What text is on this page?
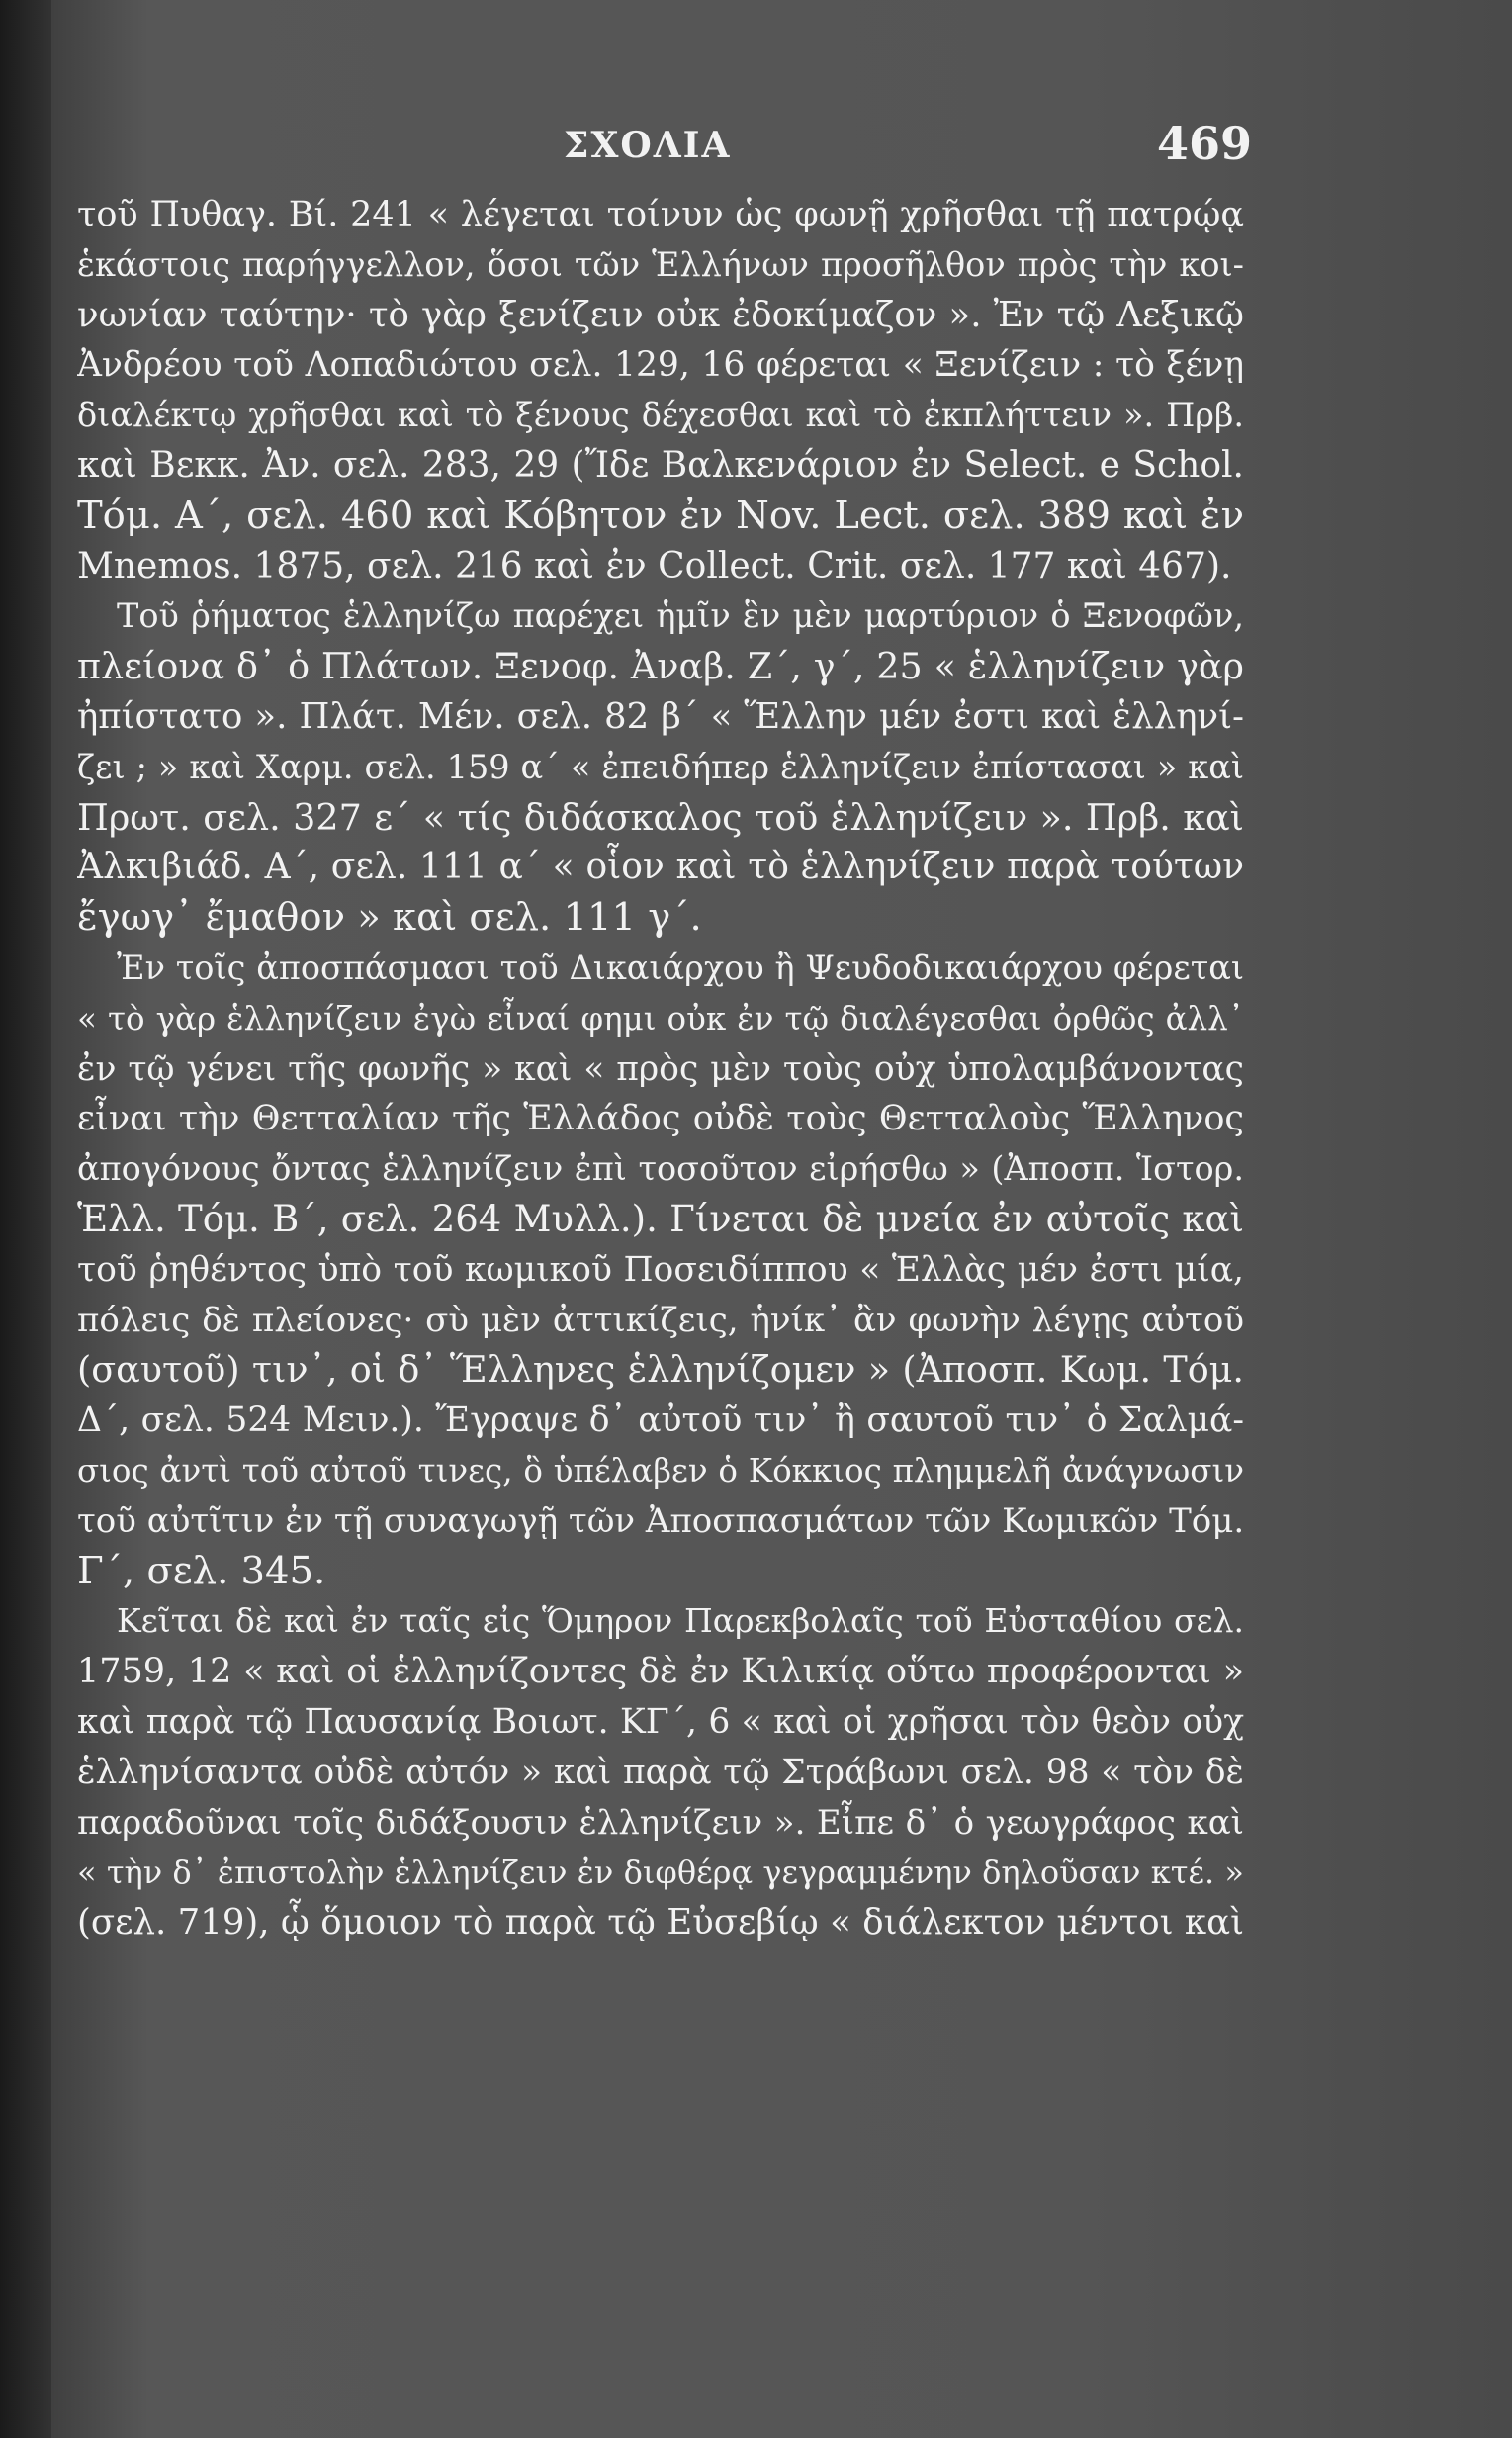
ΣΧΟΛΙΑ	469
τοῦ Πυθαγ. Βί. 241 « λέγεται τοίνυν ὡς φωνῇ χρῆσθαι τῇ πατρῴᾳ
ἑκάστοις παρήγγελλον, ὅσοι τῶν Ἑλλήνων προσῆλθον πρὸς τὴν κοι-
νωνίαν ταύτην· τὸ γὰρ ξενίζειν οὐκ ἐδοκίμαζον ». Ἐν τῷ Λεξικῷ
Ἀνδρέου τοῦ Λοπαδιώτου σελ. 129, 16 φέρεται « Ξενίζειν : τὸ ξένῃ
διαλέκτῳ χρῆσθαι καὶ τὸ ξένους δέχεσθαι καὶ τὸ ἐκπλήττειν ». Πρβ.
καὶ Βεκκ. Ἀν. σελ. 283, 29 (Ἴδε Βαλκενάριον ἐν Select. e Schol.
Τόμ. Α΄, σελ. 460 καὶ Κόβητον ἐν Nov. Lect. σελ. 389 καὶ ἐν
Mnemos. 1875, σελ. 216 καὶ ἐν Collect. Crit. σελ. 177 καὶ 467).
Τοῦ ῥήματος ἑλληνίζω παρέχει ἡμῖν ἓν μὲν μαρτύριον ὁ Ξενοφῶν,
πλείονα δ᾽ ὁ Πλάτων. Ξενοφ. Ἀναβ. Ζ΄, γ΄, 25 « ἑλληνίζειν γὰρ
ἠπίστατο ». Πλάτ. Μέν. σελ. 82 β΄ « Ἕλλην μέν ἐστι καὶ ἑλληνί-
ζει ; » καὶ Χαρμ. σελ. 159 α΄ « ἐπειδήπερ ἑλληνίζειν ἐπίστασαι » καὶ
Πρωτ. σελ. 327 ε΄ « τίς διδάσκαλος τοῦ ἑλληνίζειν ». Πρβ. καὶ
Ἀλκιβιάδ. Α΄, σελ. 111 α΄ « οἷον καὶ τὸ ἑλληνίζειν παρὰ τούτων
ἔγωγ᾽ ἔμαθον » καὶ σελ. 111 γ΄.
Ἐν τοῖς ἀποσπάσμασι τοῦ Δικαιάρχου ἢ Ψευδοδικαιάρχου φέρεται
« τὸ γὰρ ἑλληνίζειν ἐγὼ εἶναί φημι οὐκ ἐν τῷ διαλέγεσθαι ὀρθῶς ἀλλ᾽
ἐν τῷ γένει τῆς φωνῆς » καὶ « πρὸς μὲν τοὺς οὐχ ὑπολαμβάνοντας
εἶναι τὴν Θετταλίαν τῆς Ἑλλάδος οὐδὲ τοὺς Θετταλοὺς Ἕλληνος
ἀπογόνους ὄντας ἑλληνίζειν ἐπὶ τοσοῦτον εἰρήσθω » (Ἀποσπ. Ἱστορ.
Ἑλλ. Τόμ. Β΄, σελ. 264 Μυλλ.). Γίνεται δὲ μνεία ἐν αὐτοῖς καὶ
τοῦ ῥηθέντος ὑπὸ τοῦ κωμικοῦ Ποσειδίππου « Ἑλλὰς μέν ἐστι μία,
πόλεις δὲ πλείονες· σὺ μὲν ἀττικίζεις, ἡνίκ᾽ ἂν φωνὴν λέγῃς αὐτοῦ
(σαυτοῦ) τιν᾽, οἱ δ᾽ Ἕλληνες ἑλληνίζομεν » (Ἀποσπ. Κωμ. Τόμ.
Δ΄, σελ. 524 Μειν.). Ἔγραψε δ᾽ αὐτοῦ τιν᾽ ἢ σαυτοῦ τιν᾽ ὁ Σαλμά-
σιος ἀντὶ τοῦ αὐτοῦ τινες, ὃ ὑπέλαβεν ὁ Κόκκιος πλημμελῆ ἀνάγνωσιν
τοῦ αὐτῖτιν ἐν τῇ συναγωγῇ τῶν Ἀποσπασμάτων τῶν Κωμικῶν Τόμ.
Γ΄, σελ. 345.
Κεῖται δὲ καὶ ἐν ταῖς εἰς Ὅμηρον Παρεκβολαῖς τοῦ Εὐσταθίου σελ.
1759, 12 « καὶ οἱ ἑλληνίζοντες δὲ ἐν Κιλικίᾳ οὕτω προφέρονται »
καὶ παρὰ τῷ Παυσανίᾳ Βοιωτ. ΚΓ΄, 6 « καὶ οἱ χρῆσαι τὸν θεὸν οὐχ
ἑλληνίσαντα οὐδὲ αὐτόν » καὶ παρὰ τῷ Στράβωνι σελ. 98 « τὸν δὲ
παραδοῦναι τοῖς διδάξουσιν ἑλληνίζειν ». Εἶπε δ᾽ ὁ γεωγράφος καὶ
« τὴν δ᾽ ἐπιστολὴν ἑλληνίζειν ἐν διφθέρᾳ γεγραμμένην δηλοῦσαν κτέ. »
(σελ. 719), ᾧ ὅμοιον τὸ παρὰ τῷ Εὐσεβίῳ « διάλεκτον μέντοι καὶ
